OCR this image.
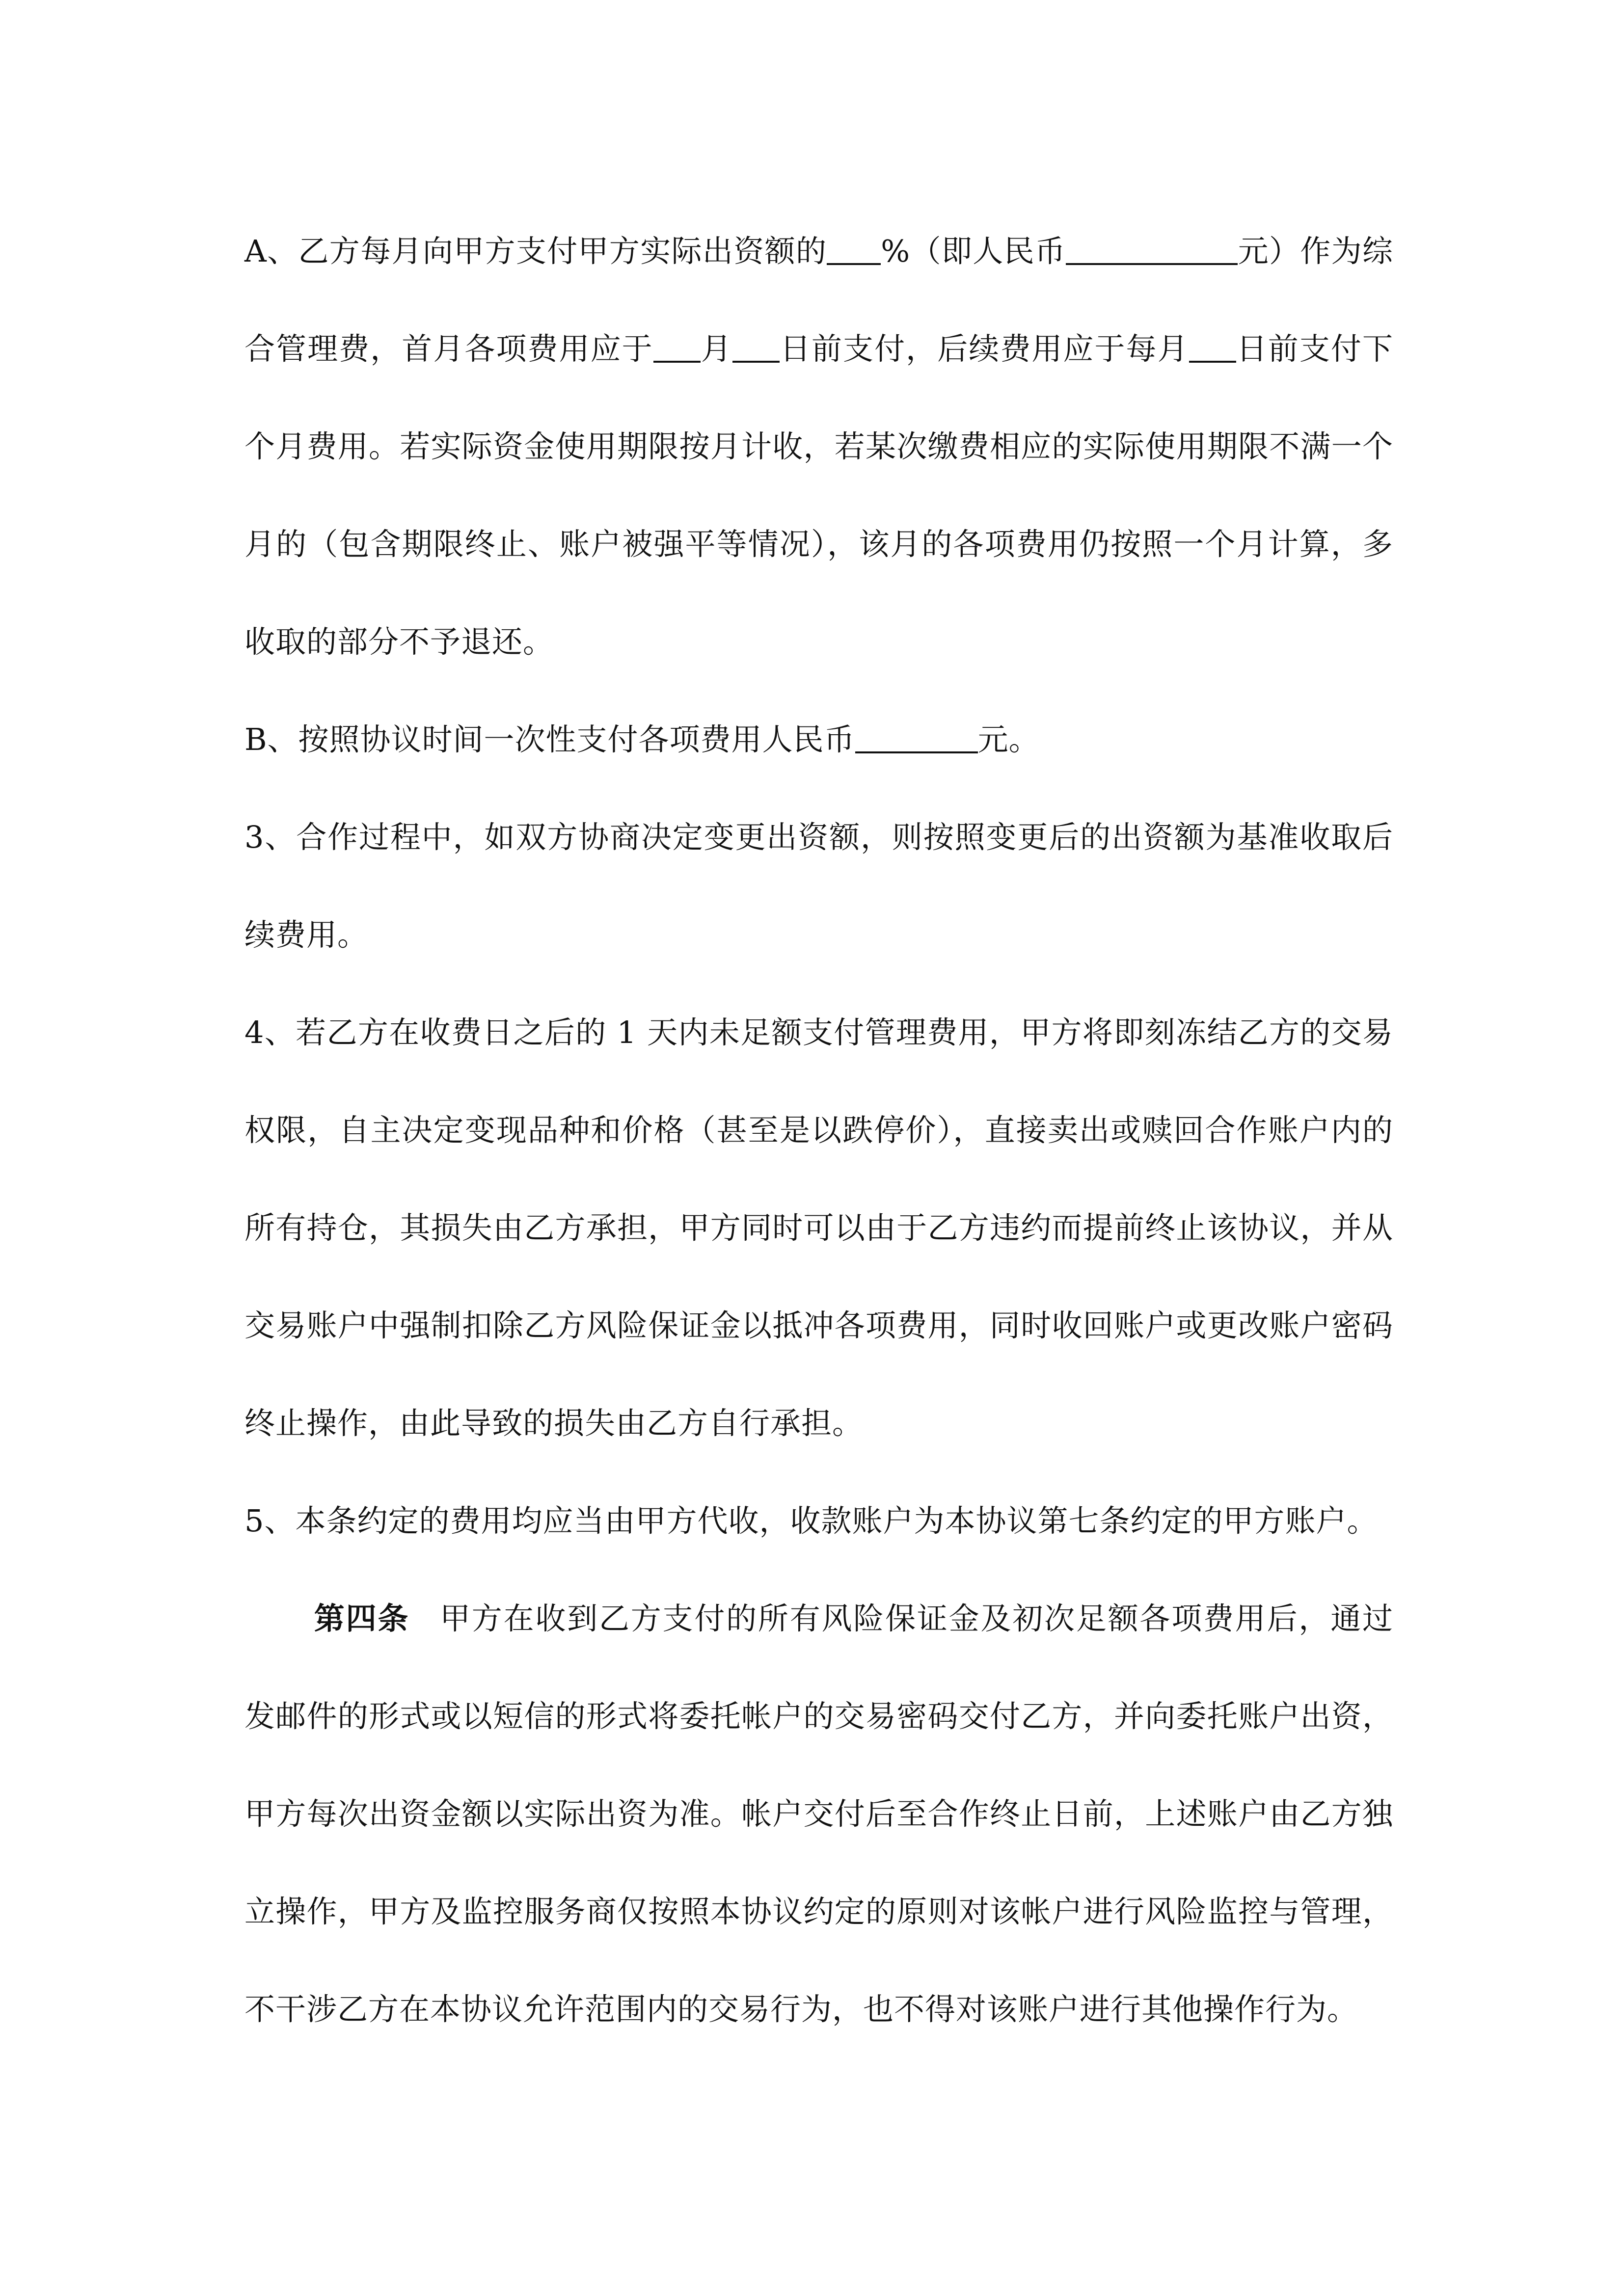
A、乙方每月向甲方支付甲方实际出资额的 %（即人民币	元）作为综合管理费，首月各项费用应于 月 日前支付，后续费用应于每月 日前支付下个月费用。若实际资金使用期限按月计收，若某次缴费相应的实际使用期限不满一个月的（包含期限终止、账户被强平等情况），该月的各项费用仍按照一个月计算，多收取的部分不予退还。

B、按照协议时间一次性支付各项费用人民币	元。

3、合作过程中，如双方协商决定变更出资额，则按照变更后的出资额为基准收取后续费用。

4、若乙方在收费日之后的 1 天内未足额支付管理费用，甲方将即刻冻结乙方的交易权限，自主决定变现品种和价格（甚至是以跌停价），直接卖出或赎回合作账户内的所有持仓，其损失由乙方承担，甲方同时可以由于乙方违约而提前终止该协议，并从交易账户中强制扣除乙方风险保证金以抵冲各项费用，同时收回账户或更改账户密码终止操作，由此导致的损失由乙方自行承担。

5、本条约定的费用均应当由甲方代收，收款账户为本协议第七条约定的甲方账户。

第四条 甲方在收到乙方支付的所有风险保证金及初次足额各项费用后，通过发邮件的形式或以短信的形式将委托帐户的交易密码交付乙方，并向委托账户出资，甲方每次出资金额以实际出资为准。帐户交付后至合作终止日前，上述账户由乙方独立操作，甲方及监控服务商仅按照本协议约定的原则对该帐户进行风险监控与管理，不干涉乙方在本协议允许范围内的交易行为，也不得对该账户进行其他操作行为。
